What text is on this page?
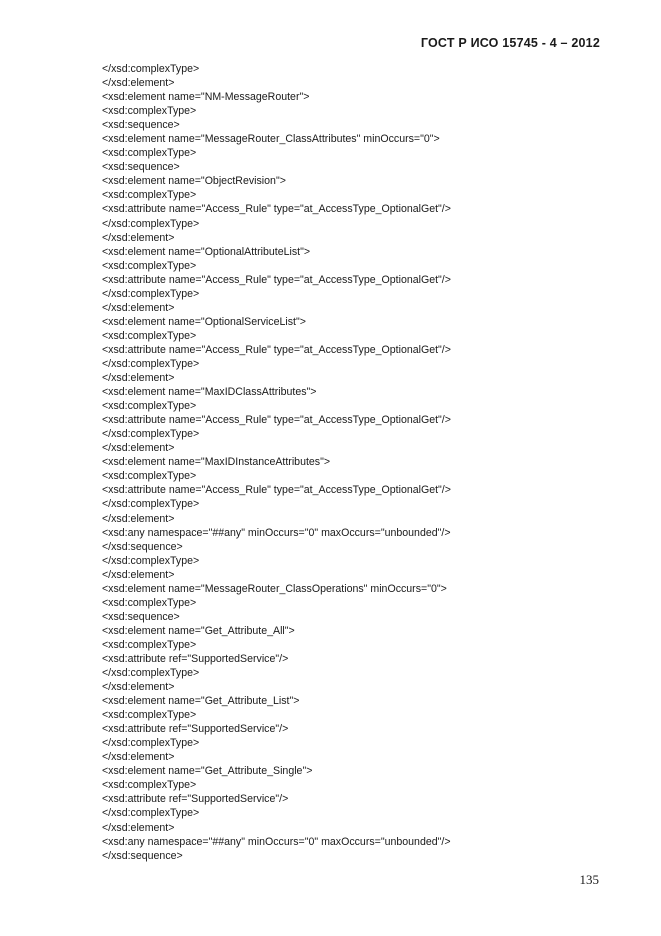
ГОСТ Р ИСО 15745 - 4 – 2012
</xsd:complexType>
</xsd:element>
<xsd:element name="NM-MessageRouter">
<xsd:complexType>
<xsd:sequence>
<xsd:element name="MessageRouter_ClassAttributes" minOccurs="0">
<xsd:complexType>
<xsd:sequence>
<xsd:element name="ObjectRevision">
<xsd:complexType>
<xsd:attribute name="Access_Rule" type="at_AccessType_OptionalGet"/>
</xsd:complexType>
</xsd:element>
<xsd:element name="OptionalAttributeList">
<xsd:complexType>
<xsd:attribute name="Access_Rule" type="at_AccessType_OptionalGet"/>
</xsd:complexType>
</xsd:element>
<xsd:element name="OptionalServiceList">
<xsd:complexType>
<xsd:attribute name="Access_Rule" type="at_AccessType_OptionalGet"/>
</xsd:complexType>
</xsd:element>
<xsd:element name="MaxIDClassAttributes">
<xsd:complexType>
<xsd:attribute name="Access_Rule" type="at_AccessType_OptionalGet"/>
</xsd:complexType>
</xsd:element>
<xsd:element name="MaxIDInstanceAttributes">
<xsd:complexType>
<xsd:attribute name="Access_Rule" type="at_AccessType_OptionalGet"/>
</xsd:complexType>
</xsd:element>
<xsd:any namespace="##any" minOccurs="0" maxOccurs="unbounded"/>
</xsd:sequence>
</xsd:complexType>
</xsd:element>
<xsd:element name="MessageRouter_ClassOperations" minOccurs="0">
<xsd:complexType>
<xsd:sequence>
<xsd:element name="Get_Attribute_All">
<xsd:complexType>
<xsd:attribute ref="SupportedService"/>
</xsd:complexType>
</xsd:element>
<xsd:element name="Get_Attribute_List">
<xsd:complexType>
<xsd:attribute ref="SupportedService"/>
</xsd:complexType>
</xsd:element>
<xsd:element name="Get_Attribute_Single">
<xsd:complexType>
<xsd:attribute ref="SupportedService"/>
</xsd:complexType>
</xsd:element>
<xsd:any namespace="##any" minOccurs="0" maxOccurs="unbounded"/>
</xsd:sequence>
135
